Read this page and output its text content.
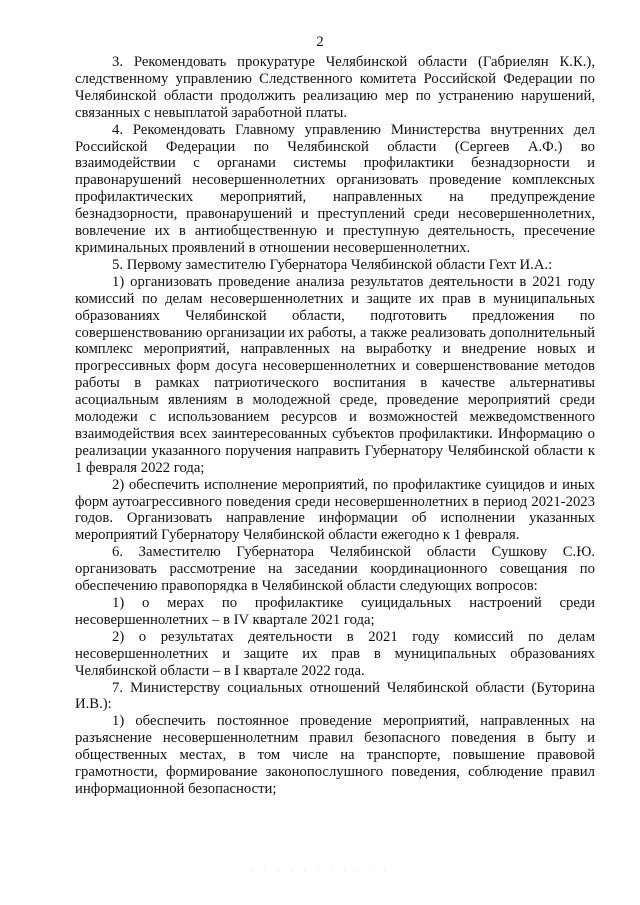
2

3. Рекомендовать прокуратуре Челябинской области (Габриелян К.К.), следственному управлению Следственного комитета Российской Федерации по Челябинской области продолжить реализацию мер по устранению нарушений, связанных с невыплатой заработной платы.

4. Рекомендовать Главному управлению Министерства внутренних дел Российской Федерации по Челябинской области (Сергеев А.Ф.) во взаимодействии с органами системы профилактики безнадзорности и правонарушений несовершеннолетних организовать проведение комплексных профилактических мероприятий, направленных на предупреждение безнадзорности, правонарушений и преступлений среди несовершеннолетних, вовлечение их в антиобщественную и преступную деятельность, пресечение криминальных проявлений в отношении несовершеннолетних.

5. Первому заместителю Губернатора Челябинской области Гехт И.А.:

1) организовать проведение анализа результатов деятельности в 2021 году комиссий по делам несовершеннолетних и защите их прав в муниципальных образованиях Челябинской области, подготовить предложения по совершенствованию организации их работы, а также реализовать дополнительный комплекс мероприятий, направленных на выработку и внедрение новых и прогрессивных форм досуга несовершеннолетних и совершенствование методов работы в рамках патриотического воспитания в качестве альтернативы асоциальным явлениям в молодежной среде, проведение мероприятий среди молодежи с использованием ресурсов и возможностей межведомственного взаимодействия всех заинтересованных субъектов профилактики. Информацию о реализации указанного поручения направить Губернатору Челябинской области к 1 февраля 2022 года;

2) обеспечить исполнение мероприятий, по профилактике суицидов и иных форм аутоагрессивного поведения среди несовершеннолетних в период 2021-2023 годов. Организовать направление информации об исполнении указанных мероприятий Губернатору Челябинской области ежегодно к 1 февраля.

6. Заместителю Губернатора Челябинской области Сушкову С.Ю. организовать рассмотрение на заседании координационного совещания по обеспечению правопорядка в Челябинской области следующих вопросов:

1) о мерах по профилактике суицидальных настроений среди несовершеннолетних – в IV квартале 2021 года;

2) о результатах деятельности в 2021 году комиссий по делам несовершеннолетних и защите их прав в муниципальных образованиях Челябинской области – в I квартале 2022 года.

7. Министерству социальных отношений Челябинской области (Буторина И.В.):

1) обеспечить постоянное проведение мероприятий, направленных на разъяснение несовершеннолетним правил безопасного поведения в быту и общественных местах, в том числе на транспорте, повышение правовой грамотности, формирование законопослушного поведения, соблюдение правил информационной безопасности;

· · · · · · · · · · ·
